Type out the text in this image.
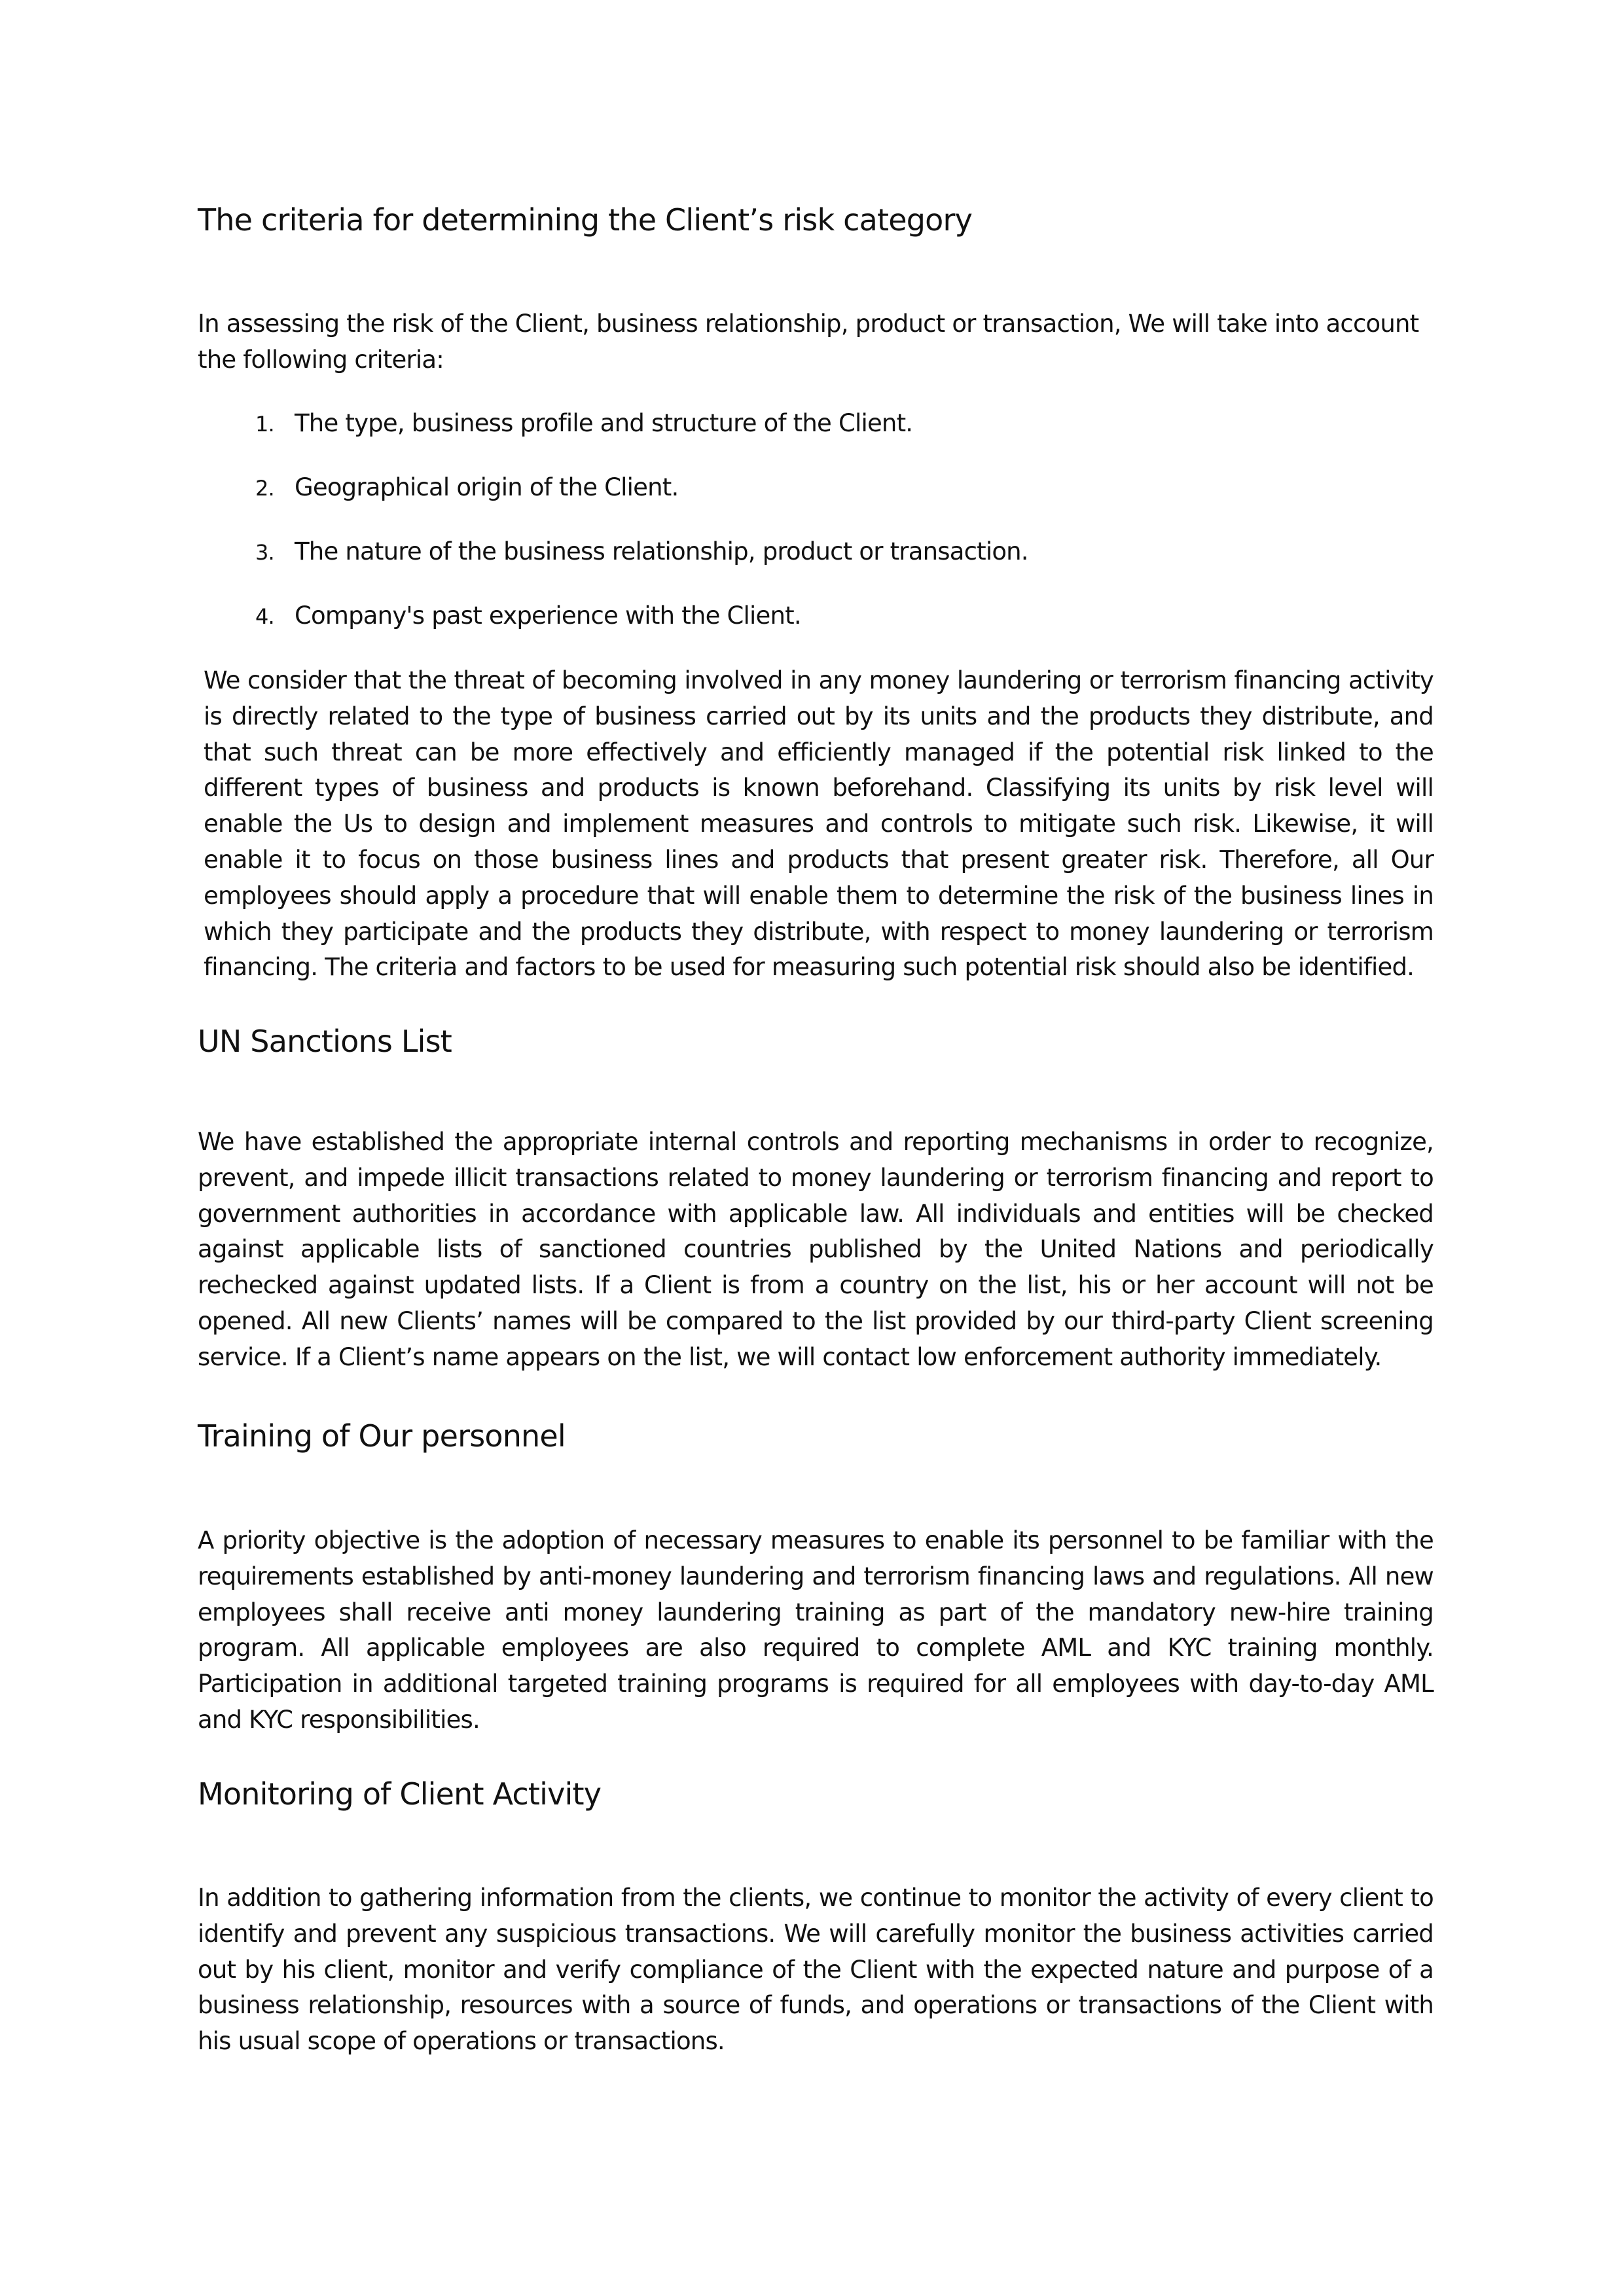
The criteria for determining the Client’s risk category

In assessing the risk of the Client, business relationship, product or transaction, We will take into account the following criteria:

1. The type, business profile and structure of the Client.
2. Geographical origin of the Client.
3. The nature of the business relationship, product or transaction.
4. Company's past experience with the Client.

We consider that the threat of becoming involved in any money laundering or terrorism financing activity is directly related to the type of business carried out by its units and the products they distribute, and that such threat can be more effectively and efficiently managed if the potential risk linked to the different types of business and products is known beforehand. Classifying its units by risk level will enable the Us to design and implement measures and controls to mitigate such risk. Likewise, it will enable it to focus on those business lines and products that present greater risk. Therefore, all Our employees should apply a procedure that will enable them to determine the risk of the business lines in which they participate and the products they distribute, with respect to money laundering or terrorism financing. The criteria and factors to be used for measuring such potential risk should also be identified.

UN Sanctions List

We have established the appropriate internal controls and reporting mechanisms in order to recognize, prevent, and impede illicit transactions related to money laundering or terrorism financing and report to government authorities in accordance with applicable law. All individuals and entities will be checked against applicable lists of sanctioned countries published by the United Nations and periodically rechecked against updated lists. If a Client is from a country on the list, his or her account will not be opened. All new Clients’ names will be compared to the list provided by our third-party Client screening service. If a Client’s name appears on the list, we will contact low enforcement authority immediately.

Training of Our personnel

A priority objective is the adoption of necessary measures to enable its personnel to be familiar with the requirements established by anti-money laundering and terrorism financing laws and regulations. All new employees shall receive anti money laundering training as part of the mandatory new-hire training program. All applicable employees are also required to complete AML and KYC training monthly. Participation in additional targeted training programs is required for all employees with day-to-day AML and KYC responsibilities.

Monitoring of Client Activity

In addition to gathering information from the clients, we continue to monitor the activity of every client to identify and prevent any suspicious transactions. We will carefully monitor the business activities carried out by his client, monitor and verify compliance of the Client with the expected nature and purpose of a business relationship, resources with a source of funds, and operations or transactions of the Client with his usual scope of operations or transactions.
